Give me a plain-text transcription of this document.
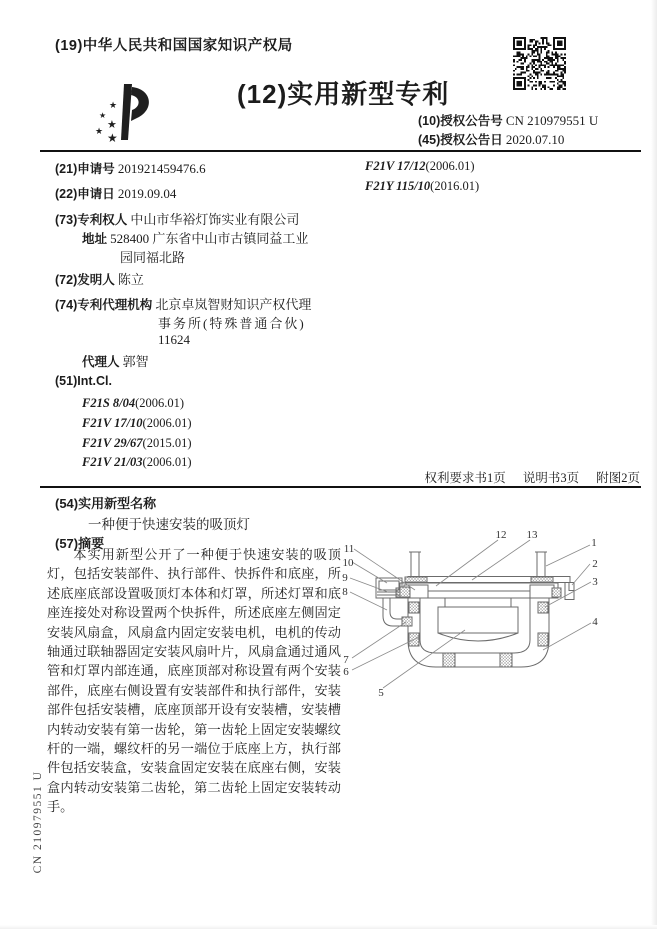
(19)中华人民共和国国家知识产权局
★
★
★
★ ★
(12)实用新型专利
(10)授权公告号 CN 210979551 U
(45)授权公告日 2020.07.10
(21)申请号 201921459476.6
(22)申请日 2019.09.04
(73)专利权人 中山市华裕灯饰实业有限公司
地址 528400 广东省中山市古镇同益工业
园同福北路
(72)发明人 陈立
(74)专利代理机构 北京卓岚智财知识产权代理
事务所(特殊普通合伙)
11624
代理人 郭智
(51)Int.Cl.
F21S 8/04(2006.01)
F21V 17/10(2006.01)
F21V 29/67(2015.01)
F21V 21/03(2006.01)
F21V 17/12(2006.01)
F21Y 115/10(2016.01)
权利要求书1页 说明书3页 附图2页
(54)实用新型名称
一种便于快速安装的吸顶灯
(57)摘要
本实用新型公开了一种便于快速安装的吸顶灯，包括安装部件、执行部件、快拆件和底座，所述底座底部设置吸顶灯本体和灯罩，所述灯罩和底座连接处对称设置两个快拆件，所述底座左侧固定安装风扇盒，风扇盒内固定安装电机，电机的传动轴通过联轴器固定安装风扇叶片，风扇盒通过通风管和灯罩内部连通，底座顶部对称设置有两个安装部件，底座右侧设置有安装部件和执行部件，安装部件包括安装槽，底座顶部开设有安装槽，安装槽内转动安装有第一齿轮，第一齿轮上固定安装螺纹杆的一端，螺纹杆的另一端位于底座上方，执行部件包括安装盒，安装盒固定安装在底座右侧，安装盒内转动安装第二齿轮，第二齿轮上固定安装转动手。
1
2
3
4
5
6
7
8
9
10
11
12 13
CN 210979551 U
